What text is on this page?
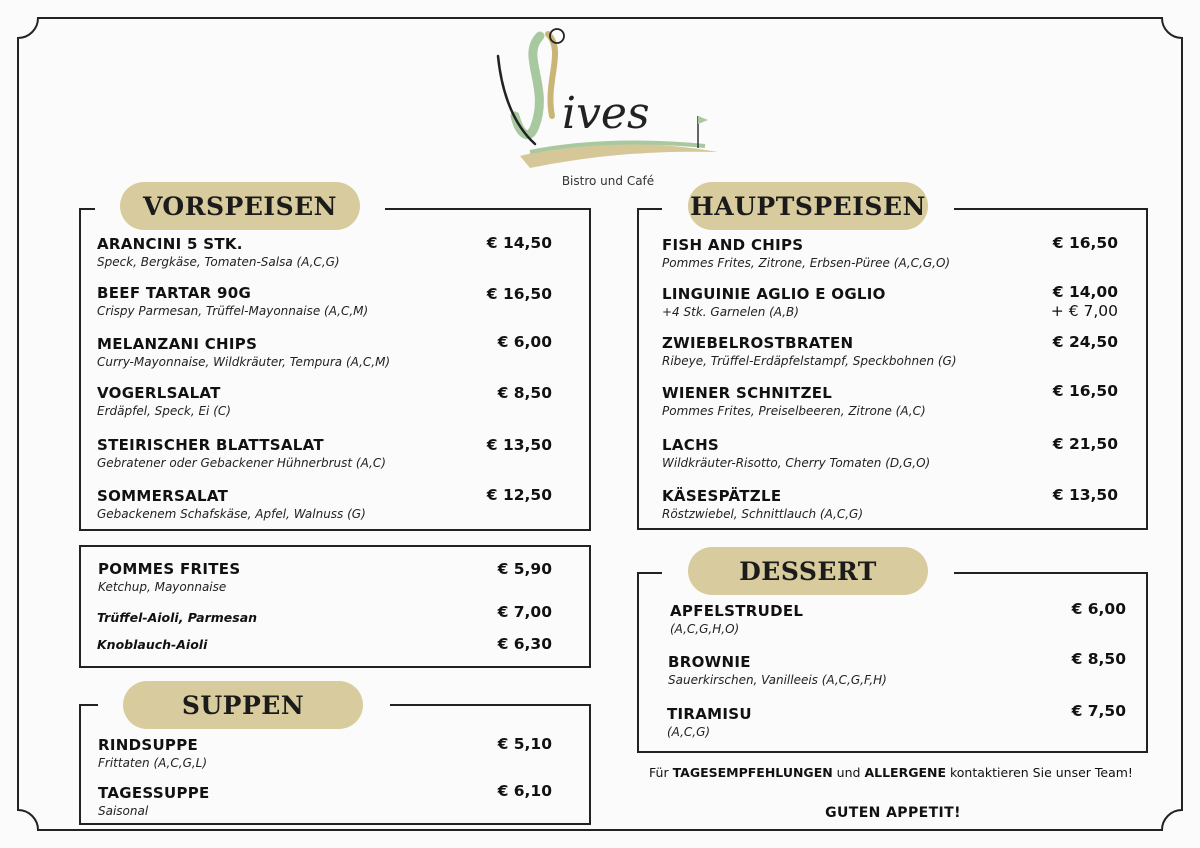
ives
Bistro und Café
VORSPEISEN
ARANCINI 5 STK.
Speck, Bergkäse, Tomaten-Salsa (A,C,G)
€ 14,50
BEEF TARTAR 90G
Crispy Parmesan, Trüffel-Mayonnaise (A,C,M)
€ 16,50
MELANZANI CHIPS
Curry-Mayonnaise, Wildkräuter, Tempura (A,C,M)
€ 6,00
VOGERLSALAT
Erdäpfel, Speck, Ei (C)
€ 8,50
STEIRISCHER BLATTSALAT
Gebratener oder Gebackener Hühnerbrust (A,C)
€ 13,50
SOMMERSALAT
Gebackenem Schafskäse, Apfel, Walnuss (G)
€ 12,50
POMMES FRITES
Ketchup, Mayonnaise
€ 5,90
Trüffel-Aioli, Parmesan	€ 7,00
Knoblauch-Aioli	€ 6,30
SUPPEN
RINDSUPPE
Frittaten (A,C,G,L)
€ 5,10
TAGESSUPPE
Saisonal
€ 6,10
HAUPTSPEISEN
FISH AND CHIPS
Pommes Frites, Zitrone, Erbsen-Püree (A,C,G,O)
€ 16,50
LINGUINIE AGLIO E OGLIO
+4 Stk. Garnelen (A,B)
€ 14,00
+ € 7,00
ZWIEBELROSTBRATEN
Ribeye, Trüffel-Erdäpfelstampf, Speckbohnen (G)
€ 24,50
WIENER SCHNITZEL
Pommes Frites, Preiselbeeren, Zitrone (A,C)
€ 16,50
LACHS
Wildkräuter-Risotto, Cherry Tomaten (D,G,O)
€ 21,50
KÄSESPÄTZLE
Röstzwiebel, Schnittlauch (A,C,G)
€ 13,50
DESSERT
APFELSTRUDEL
(A,C,G,H,O)
€ 6,00
BROWNIE
Sauerkirschen, Vanilleeis (A,C,G,F,H)
€ 8,50
TIRAMISU
(A,C,G)
€ 7,50
Für TAGESEMPFEHLUNGEN und ALLERGENE kontaktieren Sie unser Team!
GUTEN APPETIT!
